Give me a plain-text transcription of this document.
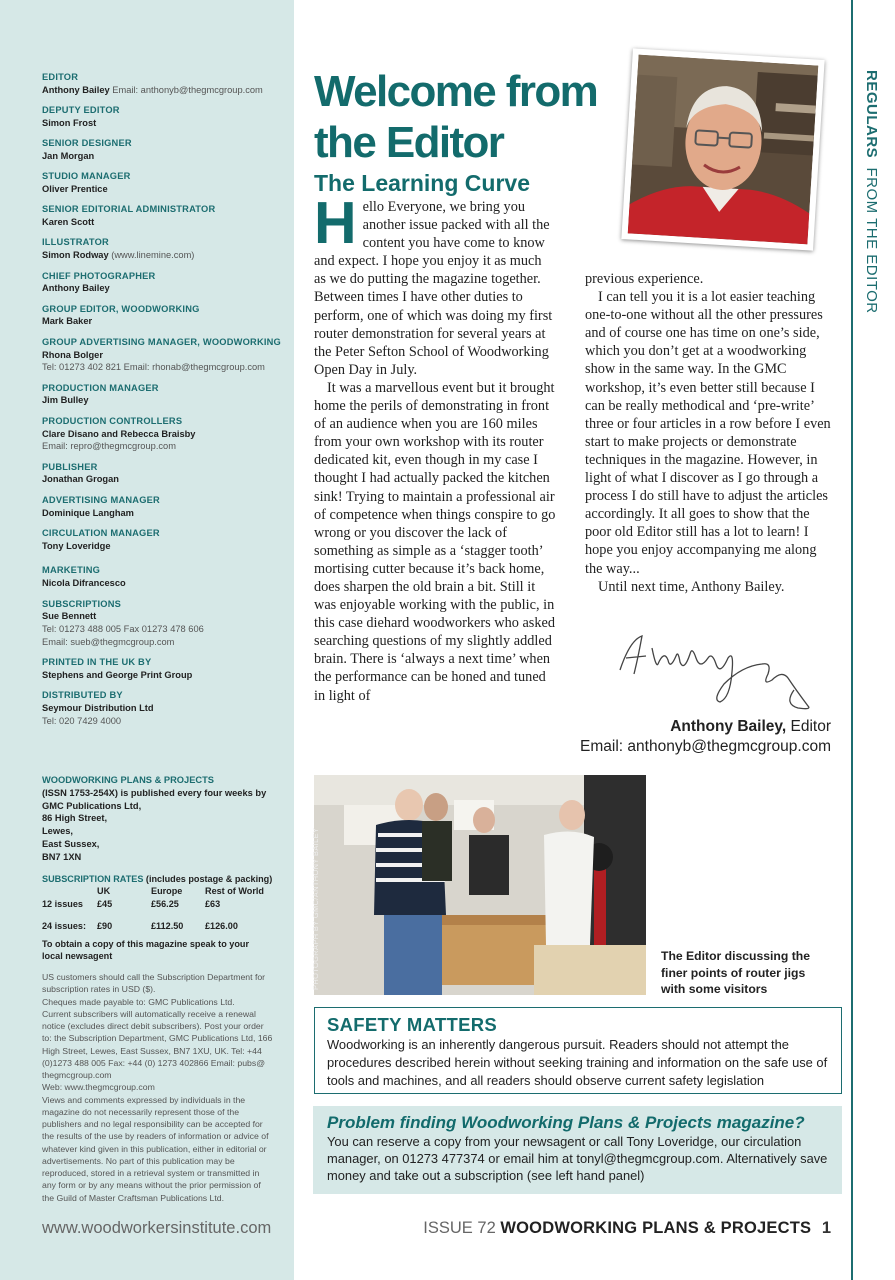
EDITOR
Anthony Bailey Email: anthonyb@thegmcgroup.com
DEPUTY EDITOR
Simon Frost
SENIOR DESIGNER
Jan Morgan
STUDIO MANAGER
Oliver Prentice
SENIOR EDITORIAL ADMINISTRATOR
Karen Scott
ILLUSTRATOR
Simon Rodway (www.linemine.com)
CHIEF PHOTOGRAPHER
Anthony Bailey
GROUP EDITOR, WOODWORKING
Mark Baker
GROUP ADVERTISING MANAGER, WOODWORKING
Rhona Bolger
Tel: 01273 402 821 Email: rhonab@thegmcgroup.com
PRODUCTION MANAGER
Jim Bulley
PRODUCTION CONTROLLERS
Clare Disano and Rebecca Braisby
Email: repro@thegmcgroup.com
PUBLISHER
Jonathan Grogan
ADVERTISING MANAGER
Dominique Langham
CIRCULATION MANAGER
Tony Loveridge
MARKETING
Nicola Difrancesco
SUBSCRIPTIONS
Sue Bennett
Tel: 01273 488 005 Fax 01273 478 606
Email: sueb@thegmcgroup.com
PRINTED IN THE UK BY
Stephens and George Print Group
DISTRIBUTED BY
Seymour Distribution Ltd
Tel: 020 7429 4000
WOODWORKING PLANS & PROJECTS
(ISSN 1753-254X) is published every four weeks by
GMC Publications Ltd,
86 High Street,
Lewes,
East Sussex,
BN7 1XN
SUBSCRIPTION RATES (includes postage & packing)
	UK	Europe	Rest of World
12 issues	£45	£56.25	£63

24 issues:	£90	£112.50	£126.00
To obtain a copy of this magazine speak to your local newsagent

US customers should call the Subscription Department for subscription rates in USD ($).

Cheques made payable to: GMC Publications Ltd.

Current subscribers will automatically receive a renewal notice (excludes direct debit subscribers). Post your order to: the Subscription Department, GMC Publications Ltd, 166 High Street, Lewes, East Sussex, BN7 1XU, UK. Tel: +44 (0)1273 488 005 Fax: +44 (0) 1273 402866 Email: pubs@ thegmcgroup.com

Web: www.thegmcgroup.com

Views and comments expressed by individuals in the magazine do not necessarily represent those of the publishers and no legal responsibility can be accepted for the results of the use by readers of information or advice of whatever kind given in this publication, either in editorial or advertisements. No part of this publication may be reproduced, stored in a retrieval system or transmitted in any form or by any means without the prior permission of the Guild of Master Craftsman Publications Ltd.

www.woodworkersinstitute.com
REGULARS  FROM THE EDITOR
Welcome from the Editor
The Learning Curve

Hello Everyone, we bring you another issue packed with all the content you have come to know and expect. I hope you enjoy it as much as we do putting the magazine together. Between times I have other duties to perform, one of which was doing my first router demonstration for several years at the Peter Sefton School of Woodworking Open Day in July.

It was a marvellous event but it brought home the perils of demonstrating in front of an audience when you are 160 miles from your own workshop with its router dedicated kit, even though in my case I thought I had actually packed the kitchen sink! Trying to maintain a professional air of competence when things conspire to go wrong or you discover the lack of something as simple as a ‘stagger tooth’ mortising cutter because it’s back home, does sharpen the old brain a bit. Still it was enjoyable working with the public, in this case diehard woodworkers who asked searching questions of my slightly addled brain. There is ‘always a next time’ when the performance can be honed and tuned in light of

previous experience.

I can tell you it is a lot easier teaching one-to-one without all the other pressures and of course one has time on one’s side, which you don’t get at a woodworking show in the same way. In the GMC workshop, it’s even better still because I can be really methodical and ‘pre-write’ three or four articles in a row before I even start to make projects or demonstrate techniques in the magazine. However, in light of what I discover as I go through a process I do still have to adjust the articles accordingly. It all goes to show that the poor old Editor still has a lot to learn! I hope you enjoy accompanying me along the way...

Until next time, Anthony Bailey.

Anthony Bailey, Editor
Email: anthonyb@thegmcgroup.com
PHOTOGRAPH BY GMC/ANTHONY BAILEY	The Editor discussing the finer points of router jigs with some visitors
SAFETY MATTERS

Woodworking is an inherently dangerous pursuit. Readers should not attempt the procedures described herein without seeking training and information on the safe use of tools and machines, and all readers should observe current safety legislation

Problem finding Woodworking Plans & Projects magazine?

You can reserve a copy from your newsagent or call Tony Loveridge, our circulation manager, on 01273 477374 or email him at tonyl@thegmcgroup.com. Alternatively save money and take out a subscription (see left hand panel)

ISSUE 72 WOODWORKING PLANS & PROJECTS 1
